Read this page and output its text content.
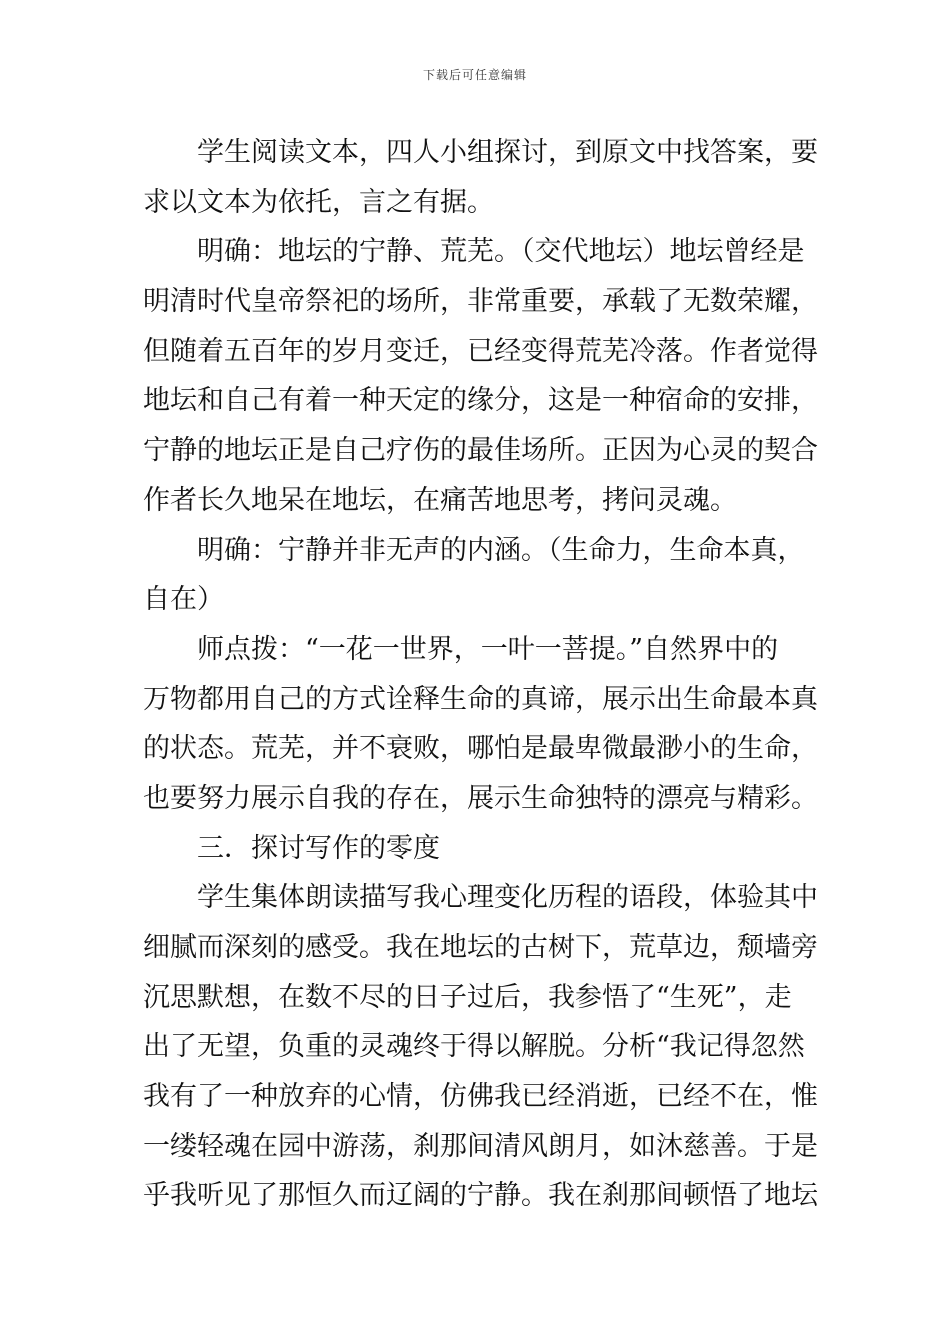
下载后可任意编辑
学生阅读文本，四人小组探讨，到原文中找答案，要
求以文本为依托，言之有据。
明确：地坛的宁静、荒芜。（交代地坛）地坛曾经是
明清时代皇帝祭祀的场所，非常重要，承载了无数荣耀，
但随着五百年的岁月变迁，已经变得荒芜冷落。作者觉得
地坛和自己有着一种天定的缘分，这是一种宿命的安排，
宁静的地坛正是自己疗伤的最佳场所。正因为心灵的契合
作者长久地呆在地坛，在痛苦地思考，拷问灵魂。
明确：宁静并非无声的内涵。（生命力，生命本真，
自在）
师点拨：“一花一世界，一叶一菩提。”自然界中的
万物都用自己的方式诠释生命的真谛，展示出生命最本真
的状态。荒芜，并不衰败，哪怕是最卑微最渺小的生命，
也要努力展示自我的存在，展示生命独特的漂亮与精彩。
三．探讨写作的零度
学生集体朗读描写我心理变化历程的语段，体验其中
细腻而深刻的感受。我在地坛的古树下，荒草边，颓墙旁
沉思默想，在数不尽的日子过后，我参悟了“生死”，走
出了无望，负重的灵魂终于得以解脱。分析“我记得忽然
我有了一种放弃的心情，仿佛我已经消逝，已经不在，惟
一缕轻魂在园中游荡，刹那间清风朗月，如沐慈善。于是
乎我听见了那恒久而辽阔的宁静。我在刹那间顿悟了地坛
